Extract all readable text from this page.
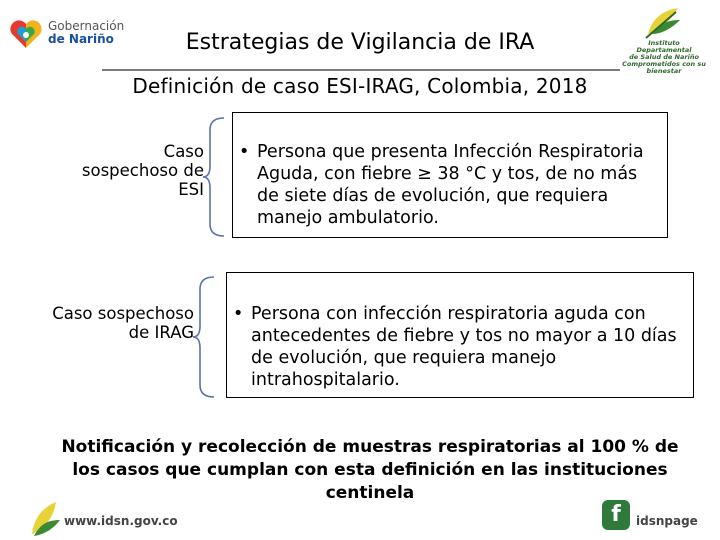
Gobernación
de Nariño	Instituto
Departamental
de Salud de Nariño
Comprometidos con su bienestar
Estrategias de Vigilancia de IRA
Definición de caso ESI-IRAG, Colombia, 2018
Caso sospechoso de ESI
• Persona que presenta Infección Respiratoria Aguda, con fiebre ≥ 38 °C y tos, de no más de siete días de evolución, que requiera manejo ambulatorio.
Caso sospechoso de IRAG
• Persona con infección respiratoria aguda con antecedentes de fiebre y tos no mayor a 10 días de evolución, que requiera manejo intrahospitalario.
Notificación y recolección de muestras respiratorias al 100 % de los casos que cumplan con esta definición en las instituciones centinela
www.idsn.gov.co	f	idsnpage
